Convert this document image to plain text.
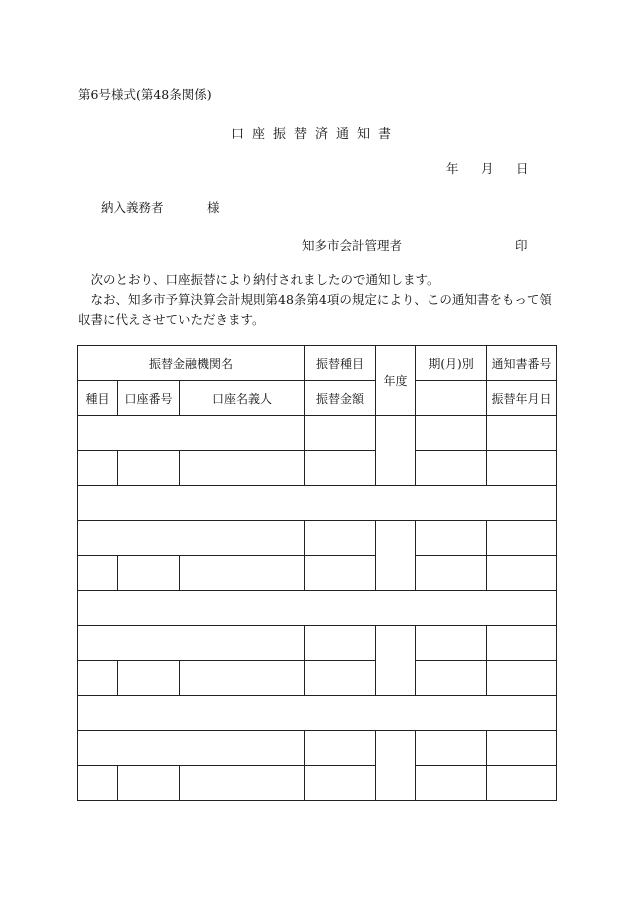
第6号様式(第48条関係)
口座振替済通知書
年 月 日
納入義務者	様
知多市会計管理者	印

次のとおり、口座振替により納付されましたので通知します。

なお、知多市予算決算会計規則第48条第4項の規定により、この通知書をもって領収書に代えさせていただきます。

振替金融機関名			振替種目	年度	期(月)別	通知書番号
種目	口座番号	口座名義人	振替金額			振替年月日
